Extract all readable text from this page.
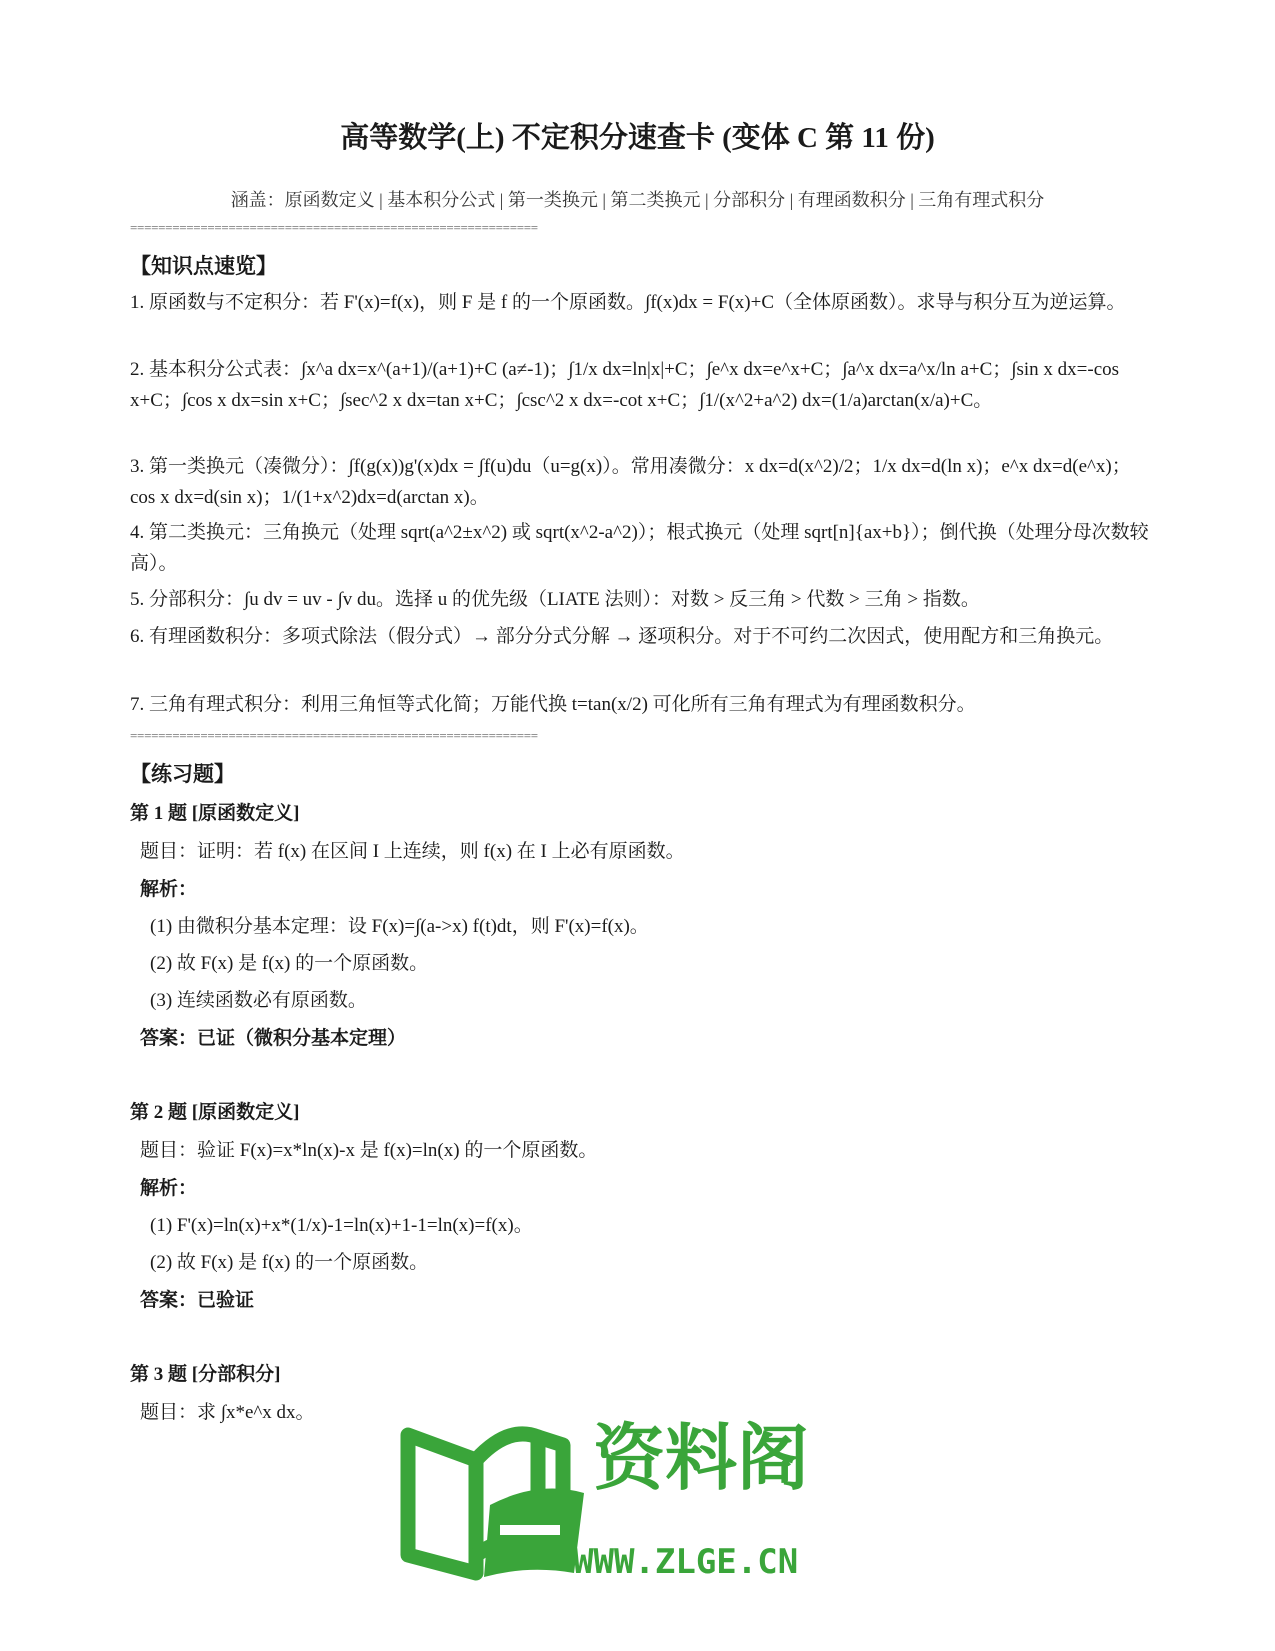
高等数学(上) 不定积分速查卡 (变体 C 第 11 份)
涵盖：原函数定义 | 基本积分公式 | 第一类换元 | 第二类换元 | 分部积分 | 有理函数积分 | 三角有理式积分
==========================================================
【知识点速览】
1. 原函数与不定积分：若 F'(x)=f(x)，则 F 是 f 的一个原函数。∫f(x)dx = F(x)+C（全体原函数）。求导与积分互为逆运算。
2. 基本积分公式表：∫x^a dx=x^(a+1)/(a+1)+C (a≠-1)；∫1/x dx=ln|x|+C；∫e^x dx=e^x+C；∫a^x dx=a^x/ln a+C；∫sin x dx=-cos x+C；∫cos x dx=sin x+C；∫sec^2 x dx=tan x+C；∫csc^2 x dx=-cot x+C；∫1/(x^2+a^2) dx=(1/a)arctan(x/a)+C。
3. 第一类换元（凑微分）：∫f(g(x))g'(x)dx = ∫f(u)du（u=g(x)）。常用凑微分：x dx=d(x^2)/2；1/x dx=d(ln x)；e^x dx=d(e^x)；cos x dx=d(sin x)；1/(1+x^2)dx=d(arctan x)。
4. 第二类换元：三角换元（处理 sqrt(a^2±x^2) 或 sqrt(x^2-a^2)）；根式换元（处理 sqrt[n]{ax+b}）；倒代换（处理分母次数较高）。
5. 分部积分：∫u dv = uv - ∫v du。选择 u 的优先级（LIATE 法则）：对数 > 反三角 > 代数 > 三角 > 指数。
6. 有理函数积分：多项式除法（假分式）→ 部分分式分解 → 逐项积分。对于不可约二次因式，使用配方和三角换元。
7. 三角有理式积分：利用三角恒等式化简；万能代换 t=tan(x/2) 可化所有三角有理式为有理函数积分。
==========================================================
【练习题】
第 1 题 [原函数定义]
题目：证明：若 f(x) 在区间 I 上连续，则 f(x) 在 I 上必有原函数。
解析：
(1) 由微积分基本定理：设 F(x)=∫(a->x) f(t)dt，则 F'(x)=f(x)。
(2) 故 F(x) 是 f(x) 的一个原函数。
(3) 连续函数必有原函数。
答案：已证（微积分基本定理）
第 2 题 [原函数定义]
题目：验证 F(x)=x*ln(x)-x 是 f(x)=ln(x) 的一个原函数。
解析：
(1) F'(x)=ln(x)+x*(1/x)-1=ln(x)+1-1=ln(x)=f(x)。
(2) 故 F(x) 是 f(x) 的一个原函数。
答案：已验证
第 3 题 [分部积分]
题目：求 ∫x*e^x dx。
资料阁
WWW.ZLGE.CN
